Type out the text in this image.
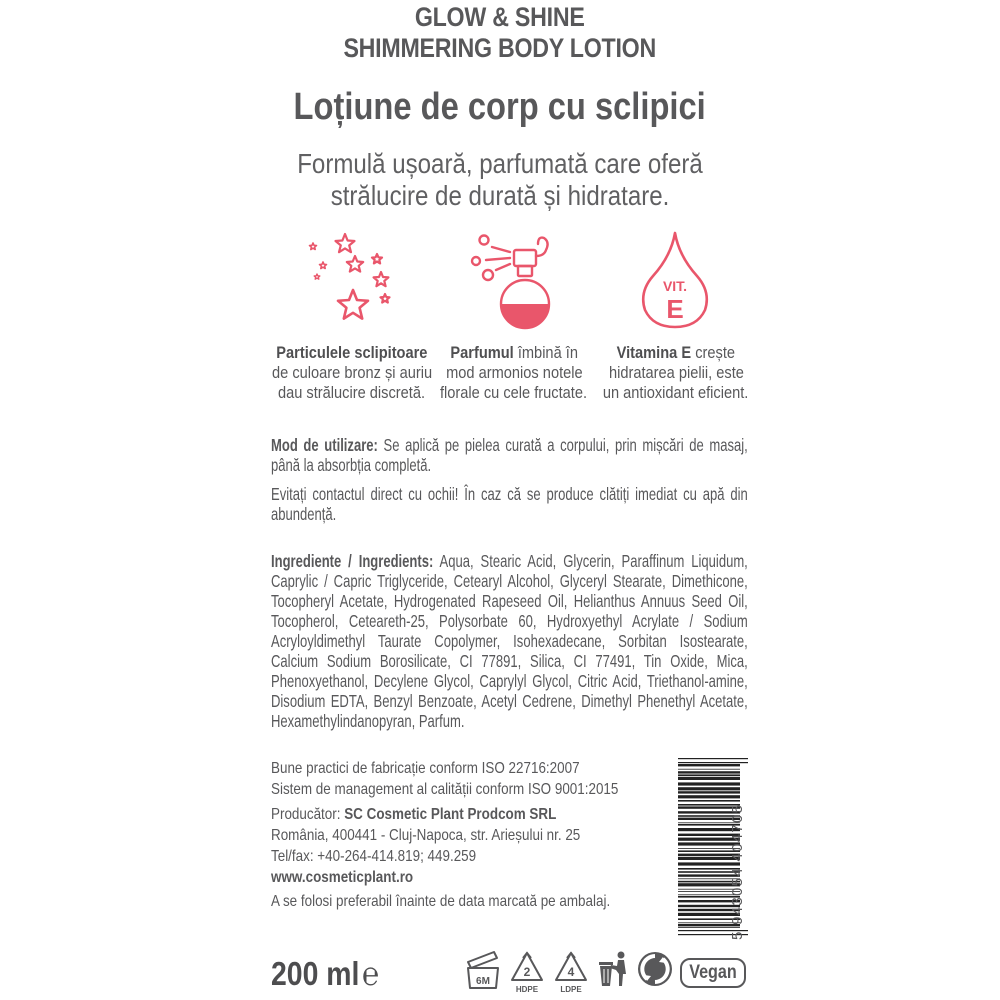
GLOW & SHINE
SHIMMERING BODY LOTION
Loțiune de corp cu sclipici
Formulă ușoară, parfumată care oferă
strălucire de durată și hidratare.
VIT.
E
Particulele sclipitoare
de culoare bronz și auriu
dau strălucire discretă.
Parfumul îmbină în
mod armonios notele
florale cu cele fructate.
Vitamina E crește
hidratarea pielii, este
un antioxidant eficient.
Mod de utilizare: Se aplică pe pielea curată a corpului, prin mișcări de masaj, până la absorbția completă.
Evitați contactul direct cu ochii! În caz că se produce clătiți imediat cu apă din abundență.
Ingrediente / Ingredients: Aqua, Stearic Acid, Glycerin, Paraffinum Liquidum, Caprylic / Capric Triglyceride, Cetearyl Alcohol, Glyceryl Stearate, Dimethicone, Tocopheryl Acetate, Hydrogenated Rapeseed Oil, Helianthus Annuus Seed Oil, Tocopherol, Ceteareth-25, Polysorbate 60, Hydroxyethyl Acrylate / Sodium Acryloyldimethyl Taurate Copolymer, Isohexadecane, Sorbitan Isostearate, Calcium Sodium Borosilicate, CI 77891, Silica, CI 77491, Tin Oxide, Mica, Phenoxyethanol, Decylene Glycol, Caprylyl Glycol, Citric Acid, Triethanol-amine, Disodium EDTA, Benzyl Benzoate, Acetyl Cedrene, Dimethyl Phenethyl Acetate, Hexamethylindanopyran, Parfum.
Bune practici de fabricație conform ISO 22716:2007
Sistem de management al calității conform ISO 9001:2015
Producător: SC Cosmetic Plant Prodcom SRL
România, 400441 - Cluj-Napoca, str. Arieșului nr. 25
Tel/fax: +40-264-414.819; 449.259
www.cosmeticplant.ro
A se folosi preferabil înainte de data marcată pe ambalaj.	5 943054 404705
200 ml℮	6M
2
HDPE
4
LDPE
Vegan
